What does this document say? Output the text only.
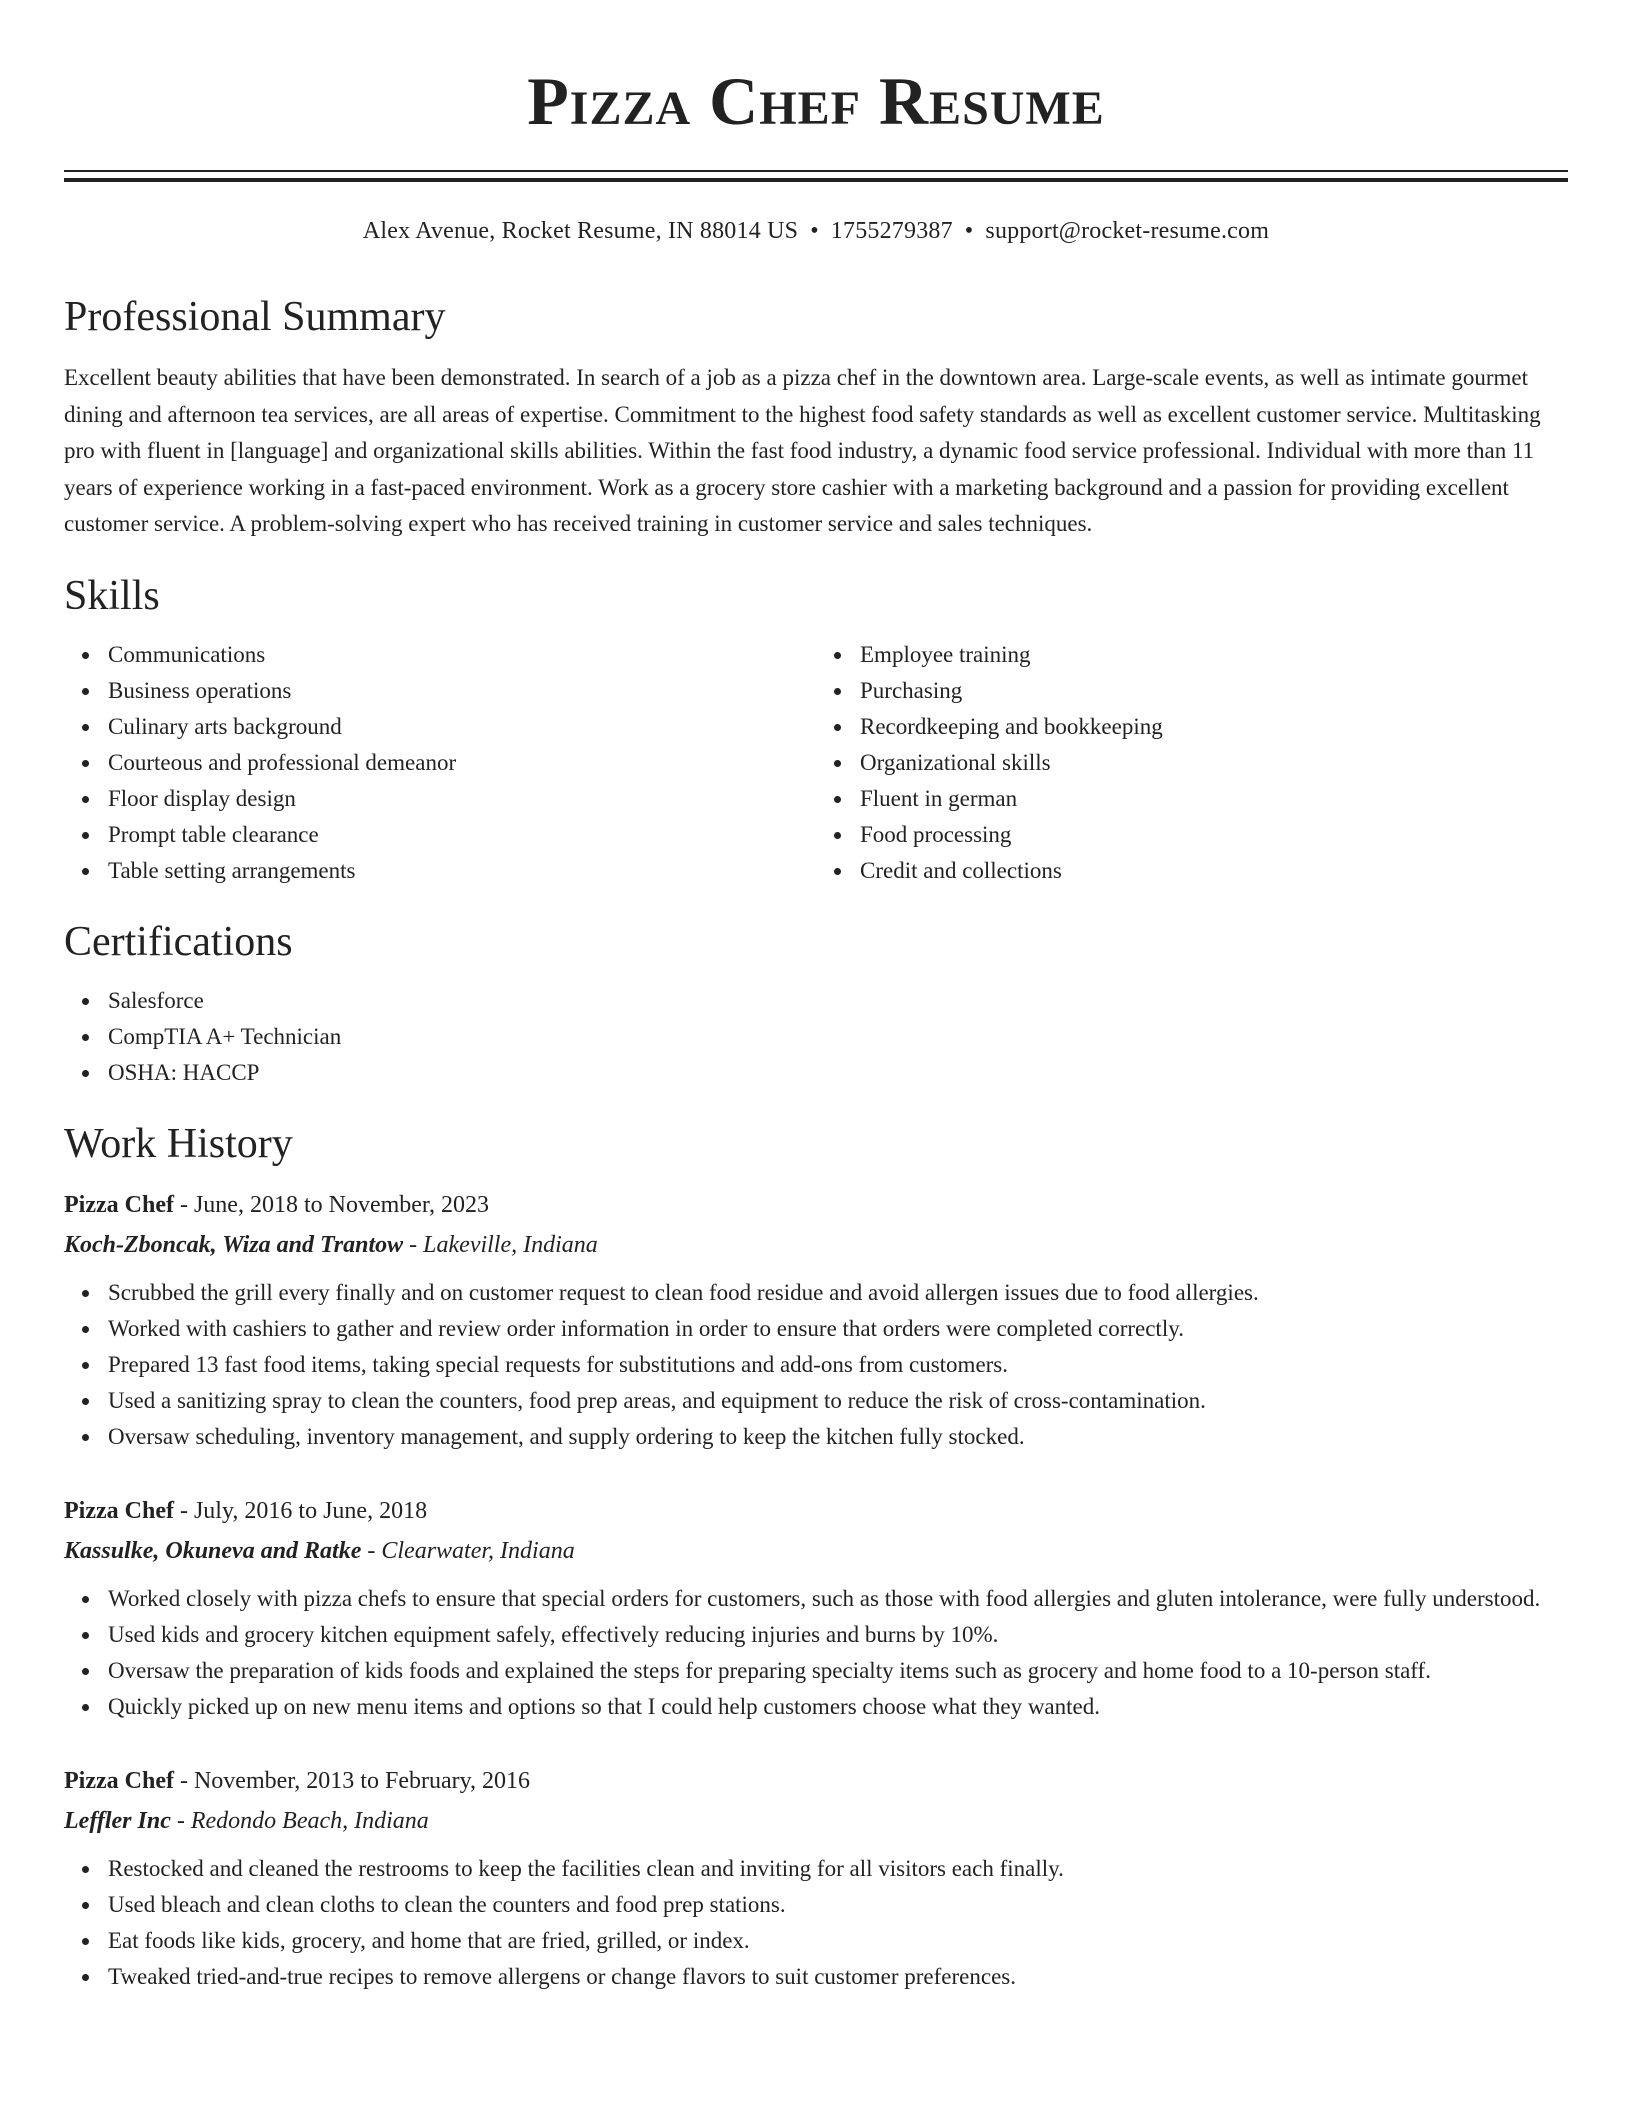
Pizza Chef Resume
Alex Avenue, Rocket Resume, IN 88014 US • 1755279387 • support@rocket-resume.com
Professional Summary

Excellent beauty abilities that have been demonstrated. In search of a job as a pizza chef in the downtown area. Large-scale events, as well as intimate gourmet dining and afternoon tea services, are all areas of expertise. Commitment to the highest food safety standards as well as excellent customer service. Multitasking pro with fluent in [language] and organizational skills abilities. Within the fast food industry, a dynamic food service professional. Individual with more than 11 years of experience working in a fast-paced environment. Work as a grocery store cashier with a marketing background and a passion for providing excellent customer service. A problem-solving expert who has received training in customer service and sales techniques.

Skills
Communications
Business operations
Culinary arts background
Courteous and professional demeanor
Floor display design
Prompt table clearance
Table setting arrangements
Employee training
Purchasing
Recordkeeping and bookkeeping
Organizational skills
Fluent in german
Food processing
Credit and collections
Certifications
Salesforce
CompTIA A+ Technician
OSHA: HACCP
Work History
Pizza Chef - June, 2018 to November, 2023
Koch-Zboncak, Wiza and Trantow - Lakeville, Indiana
Scrubbed the grill every finally and on customer request to clean food residue and avoid allergen issues due to food allergies.
Worked with cashiers to gather and review order information in order to ensure that orders were completed correctly.
Prepared 13 fast food items, taking special requests for substitutions and add-ons from customers.
Used a sanitizing spray to clean the counters, food prep areas, and equipment to reduce the risk of cross-contamination.
Oversaw scheduling, inventory management, and supply ordering to keep the kitchen fully stocked.
Pizza Chef - July, 2016 to June, 2018
Kassulke, Okuneva and Ratke - Clearwater, Indiana
Worked closely with pizza chefs to ensure that special orders for customers, such as those with food allergies and gluten intolerance, were fully understood.
Used kids and grocery kitchen equipment safely, effectively reducing injuries and burns by 10%.
Oversaw the preparation of kids foods and explained the steps for preparing specialty items such as grocery and home food to a 10-person staff.
Quickly picked up on new menu items and options so that I could help customers choose what they wanted.
Pizza Chef - November, 2013 to February, 2016
Leffler Inc - Redondo Beach, Indiana
Restocked and cleaned the restrooms to keep the facilities clean and inviting for all visitors each finally.
Used bleach and clean cloths to clean the counters and food prep stations.
Eat foods like kids, grocery, and home that are fried, grilled, or index.
Tweaked tried-and-true recipes to remove allergens or change flavors to suit customer preferences.
